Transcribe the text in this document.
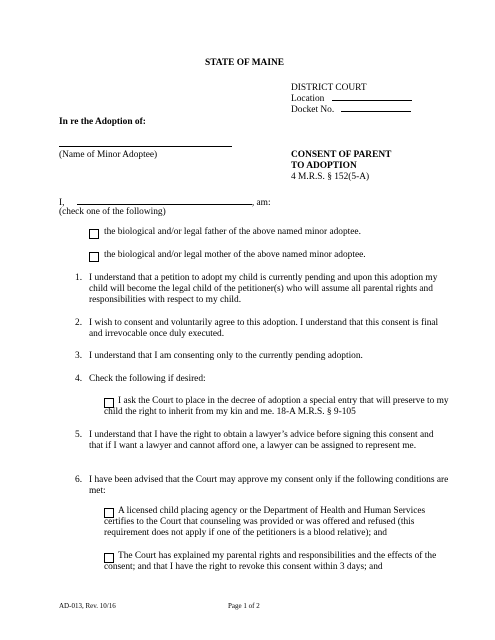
STATE OF MAINE
DISTRICT COURT
Location
Docket No.
In re the Adoption of:
(Name of Minor Adoptee)	CONSENT OF PARENT
TO ADOPTION
4 M.R.S. § 152(5-A)
I,	, am:
(check one of the following)
the biological and/or legal father of the above named minor adoptee.
the biological and/or legal mother of the above named minor adoptee.
1. I understand that a petition to adopt my child is currently pending and upon this adoption my child will become the legal child of the petitioner(s) who will assume all parental rights and responsibilities with respect to my child.
2. I wish to consent and voluntarily agree to this adoption. I understand that this consent is final and irrevocable once duly executed.
3. I understand that I am consenting only to the currently pending adoption.
4. Check the following if desired:
I ask the Court to place in the decree of adoption a special entry that will preserve to my child the right to inherit from my kin and me. 18-A M.R.S. § 9-105
5. I understand that I have the right to obtain a lawyer’s advice before signing this consent and that if I want a lawyer and cannot afford one, a lawyer can be assigned to represent me.
6. I have been advised that the Court may approve my consent only if the following conditions are met:
A licensed child placing agency or the Department of Health and Human Services certifies to the Court that counseling was provided or was offered and refused (this requirement does not apply if one of the petitioners is a blood relative); and
The Court has explained my parental rights and responsibilities and the effects of the consent; and that I have the right to revoke this consent within 3 days; and
AD-013, Rev. 10/16	Page 1 of 2
